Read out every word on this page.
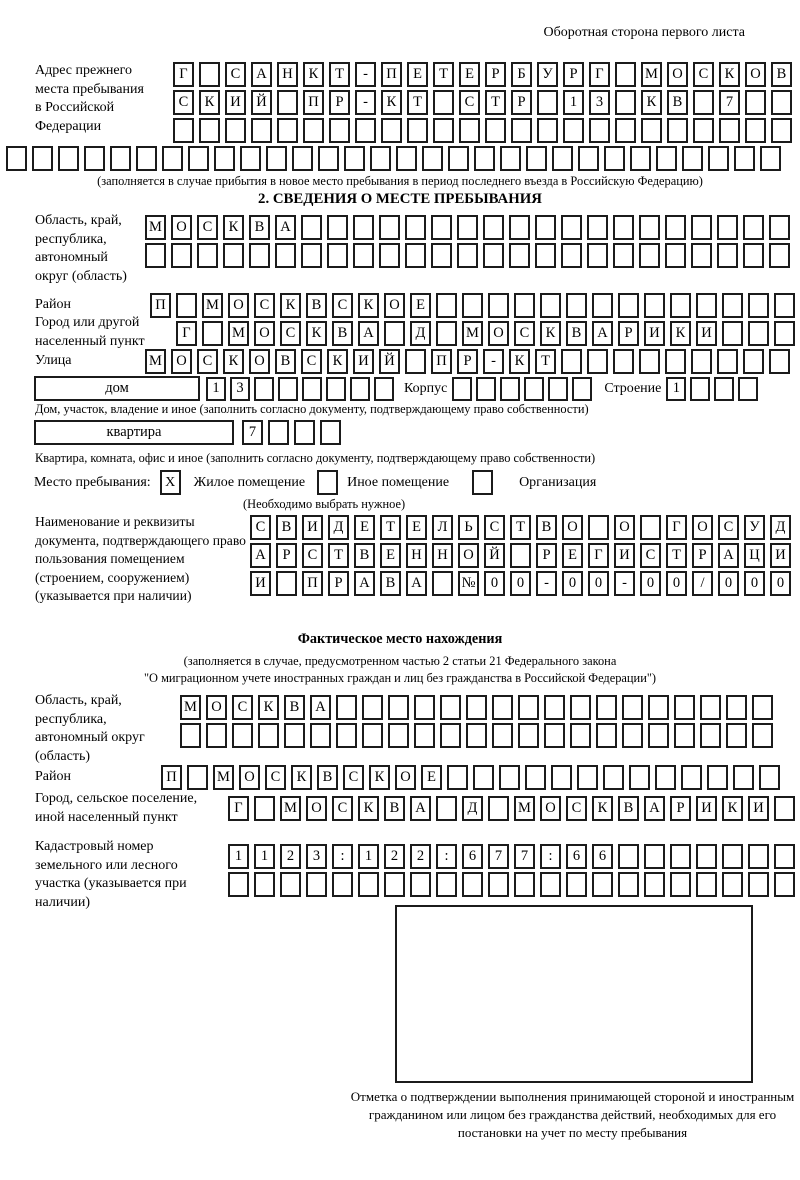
Оборотная сторона первого листа
Адрес прежнего места пребывания в Российской Федерации
Г	С	А	Н	К	Т	-	П	Е	Т	Е	Р	Б	У	Р	Г	М О	С	К	О	В
С	К	И	Й	П	Р	-	К	Т	С	Т	Р	1	3	К	В	7
(заполняется в случае прибытия в новое место пребывания в период последнего въезда в Российскую Федерацию)
2. СВЕДЕНИЯ О МЕСТЕ ПРЕБЫВАНИЯ
Область, край, республика, автономный округ (область)
М О	С	К	В	А
Район	П	М О	С	К	В	С	К	О	Е
Город или другой населенный пункт	Г	М О	С	К	В	А	Д	М О	С	К	В	А	Р	И	К	И
Улица	М О	С	К	О	В	С	К	И	Й	П	Р	-	К	Т
дом	1	3	Корпус	Строение 1
Дом, участок, владение и иное (заполнить согласно документу, подтверждающему право собственности)
квартира	7
Квартира, комната, офис и иное (заполнить согласно документу, подтверждающему право собственности)
Место пребывания:	X	Жилое помещение	Иное помещение	Организация
(Необходимо выбрать нужное)
Наименование и реквизиты документа, подтверждающего право пользования помещением (строением, сооружением) (указывается при наличии)
С	В	И	Д	Е	Т	Е	Л	Ь	С	Т	В	О	О	Г	О	С	У	Д
А	Р	С	Т	В	Е	Н	Н	О	Й	Р	Е	Г	И	С	Т	Р	А	Ц	И
И	П	Р	А	В	А	№	0	0	-	0	0	-	0	0	/	0	0	0
Фактическое место нахождения
(заполняется в случае, предусмотренном частью 2 статьи 21 Федерального закона
"О миграционном учете иностранных граждан и лиц без гражданства в Российской Федерации")
Область, край, республика, автономный округ (область)
М О	С	К	В	А
Район	П	М О	С	К	В	С	К	О	Е
Город, сельское поселение, иной населенный пункт
Г	М О	С	К	В	А	Д	М О	С	К	В	А	Р	И	К	И
Кадастровый номер земельного или лесного участка (указывается при наличии)
1	1	2	3	:	1	2	2	:	6	7	7	:	6	6
Отметка о подтверждении выполнения принимающей стороной и иностранным гражданином или лицом без гражданства действий, необходимых для его постановки на учет по месту пребывания
